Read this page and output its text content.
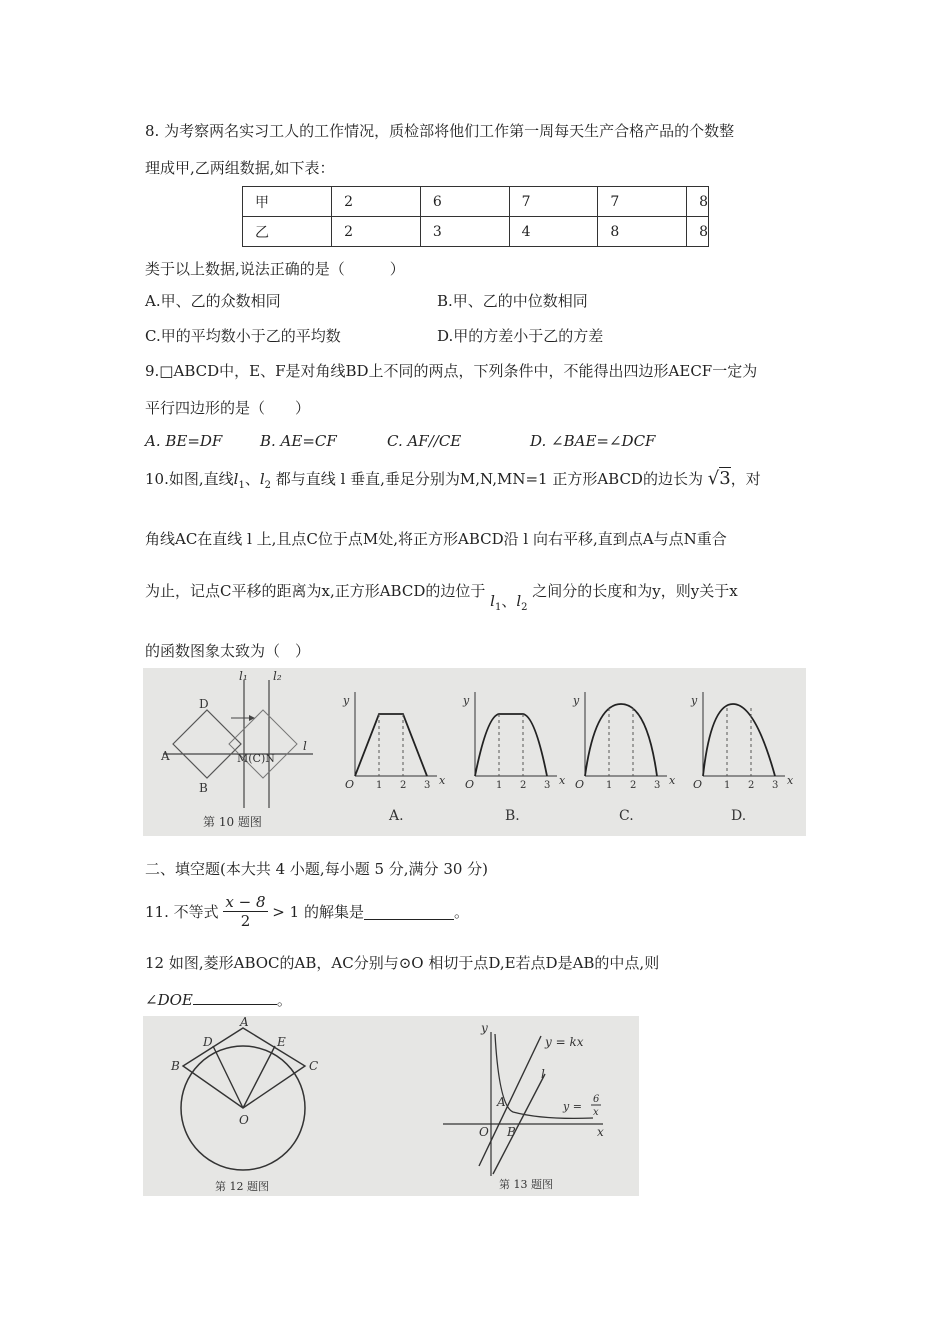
8. 为考察两名实习工人的工作情况，质检部将他们工作第一周每天生产合格产品的个数整
理成甲,乙两组数据,如下表：
甲	2	6	7	7	8
乙	2	3	4	8	8
类于以上数据,说法正确的是（　　　）
A.甲、乙的众数相同	B.甲、乙的中位数相同
C.甲的平均数小于乙的平均数	D.甲的方差小于乙的方差
9.□ABCD中，E、F是对角线BD上不同的两点，下列条件中，不能得出四边形AECF一定为
平行四边形的是（　　）
A. BE=DF	B. AE=CF	C. AF//CE	D. ∠BAE=∠DCF
10.如图,直线$l_1$、$l_2$ 都与直线 l 垂直,垂足分别为M,N,MN=1 正方形ABCD的边长为 √3，对
角线AC在直线 l 上,且点C位于点M处,将正方形ABCD沿 l 向右平移,直到点A与点N重合
为止，记点C平移的距离为x,正方形ABCD的边位于 $l_1$、$l_2$ 之间分的长度和为y，则y关于x
的函数图象太致为（　）
D
A
B
M(C)N
l
l₁ l₂
第 10 题图
y
x
O 1 2 3
A.
y
x
O 1 2 3
B.
y
x
O 1 2 3
C.
y
x
O 1 2 3
D.
二、填空题(本大共 4 小题,每小题 5 分,满分 30 分)
11. 不等式 $\frac{x - 8}{2} > 1$ 的解集是	。
12 如图,菱形ABOC的AB，AC分别与⊙O 相切于点D,E若点D是AB的中点,则
∠DOE	。
A
B	C
D	E
O
第 12 题图
y
x
y = kx
l
A
O B
y =
6
x
第 13 题图
